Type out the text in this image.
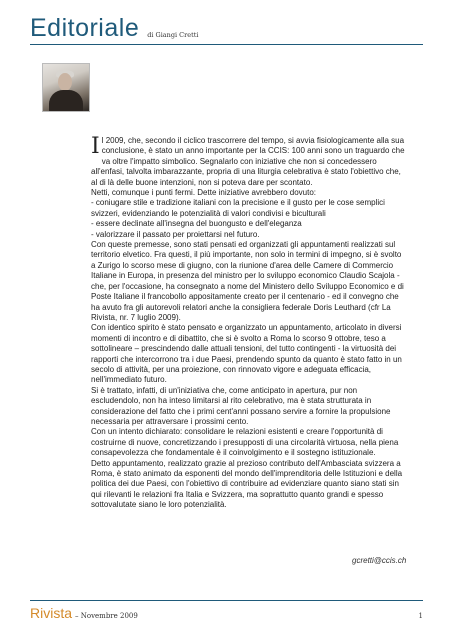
Editoriale di Giangi Cretti

Il 2009, che, secondo il ciclico trascorrere del tempo, si avvia fisiologicamente alla sua conclusione, è stato un anno importante per la CCIS: 100 anni sono un traguardo che va oltre l'impatto simbolico. Segnalarlo con iniziative che non si concedessero all'enfasi, talvolta imbarazzante, propria di una liturgia celebrativa è stato l'obiettivo che, al di là delle buone intenzioni, non si poteva dare per scontato.

Netti, comunque i punti fermi. Dette iniziative avrebbero dovuto:

- coniugare stile e tradizione italiani con la precisione e il gusto per le cose semplici svizzeri, evidenziando le potenzialità di valori condivisi e biculturali

- essere declinate all'insegna del buongusto e dell'eleganza

- valorizzare il passato per proiettarsi nel futuro.

Con queste premesse, sono stati pensati ed organizzati gli appuntamenti realizzati sul territorio elvetico. Fra questi, il più importante, non solo in termini di impegno, si è svolto a Zurigo lo scorso mese di giugno, con la riunione d'area delle Camere di Commercio Italiane in Europa, in presenza del ministro per lo sviluppo economico Claudio Scajola - che, per l'occasione, ha consegnato a nome del Ministero dello Sviluppo Economico e di Poste Italiane il francobollo appositamente creato per il centenario - ed il convegno che ha avuto fra gli autorevoli relatori anche la consigliera federale Doris Leuthard (cfr La Rivista, nr. 7 luglio 2009).

Con identico spirito è stato pensato e organizzato un appuntamento, articolato in diversi momenti di incontro e di dibattito, che si è svolto a Roma lo scorso 9 ottobre, teso a sottolineare – prescindendo dalle attuali tensioni, del tutto contingenti - la virtuosità dei rapporti che intercorrono tra i due Paesi, prendendo spunto da quanto è stato fatto in un secolo di attività, per una proiezione, con rinnovato vigore e adeguata efficacia, nell'immediato futuro.

Si è trattato, infatti, di un'iniziativa che, come anticipato in apertura, pur non escludendolo, non ha inteso limitarsi al rito celebrativo, ma è stata strutturata in considerazione del fatto che i primi cent'anni possano servire a fornire la propulsione necessaria per attraversare i prossimi cento.

Con un intento dichiarato: consolidare le relazioni esistenti e creare l'opportunità di costruirne di nuove, concretizzando i presupposti di una circolarità virtuosa, nella piena consapevolezza che fondamentale è il coinvolgimento e il sostegno istituzionale.

Detto appuntamento, realizzato grazie al prezioso contributo dell'Ambasciata svizzera a Roma, è stato animato da esponenti del mondo dell'imprenditoria delle Istituzioni e della politica dei due Paesi, con l'obiettivo di contribuire ad evidenziare quanto siano stati sin qui rilevanti le relazioni fra Italia e Svizzera, ma soprattutto quanto grandi e spesso sottovalutate siano le loro potenzialità.

gcretti@ccis.ch
Rivista – Novembre 2009	1
